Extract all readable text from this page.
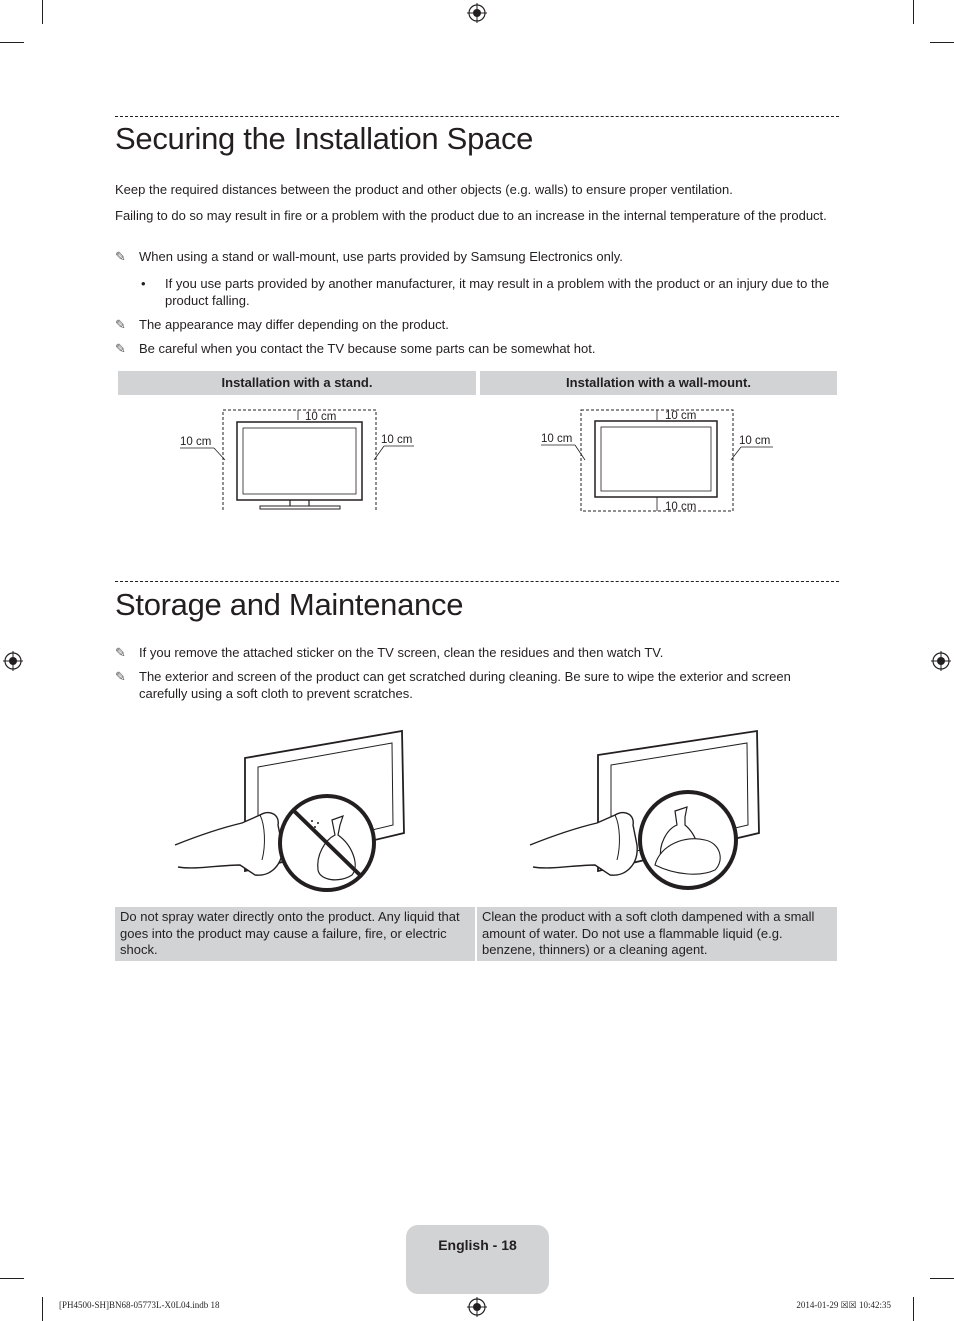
Securing the Installation Space

Keep the required distances between the product and other objects (e.g. walls) to ensure proper ventilation.

Failing to do so may result in fire or a problem with the product due to an increase in the internal temperature of the product.

✎	When using a stand or wall-mount, use parts provided by Samsung Electronics only.
• If you use parts provided by another manufacturer, it may result in a problem with the product or an injury due to the product falling.
✎	The appearance may differ depending on the product.
✎	Be careful when you contact the TV because some parts can be somewhat hot.
Installation with a stand.	Installation with a wall-mount.
10 cm
10 cm	10 cm
10 cm
10 cm	10 cm
10 cm
Storage and Maintenance
✎	If you remove the attached sticker on the TV screen, clean the residues and then watch TV.
✎	The exterior and screen of the product can get scratched during cleaning. Be sure to wipe the exterior and screen carefully using a soft cloth to prevent scratches.
Do not spray water directly onto the product. Any liquid that goes into the product may cause a failure, fire, or electric shock.
Clean the product with a soft cloth dampened with a small amount of water. Do not use a flammable liquid (e.g. benzene, thinners) or a cleaning agent.
English - 18
[PH4500-SH]BN68-05773L-X0L04.indb 18	2014-01-29 ☒☒ 10:42:35
